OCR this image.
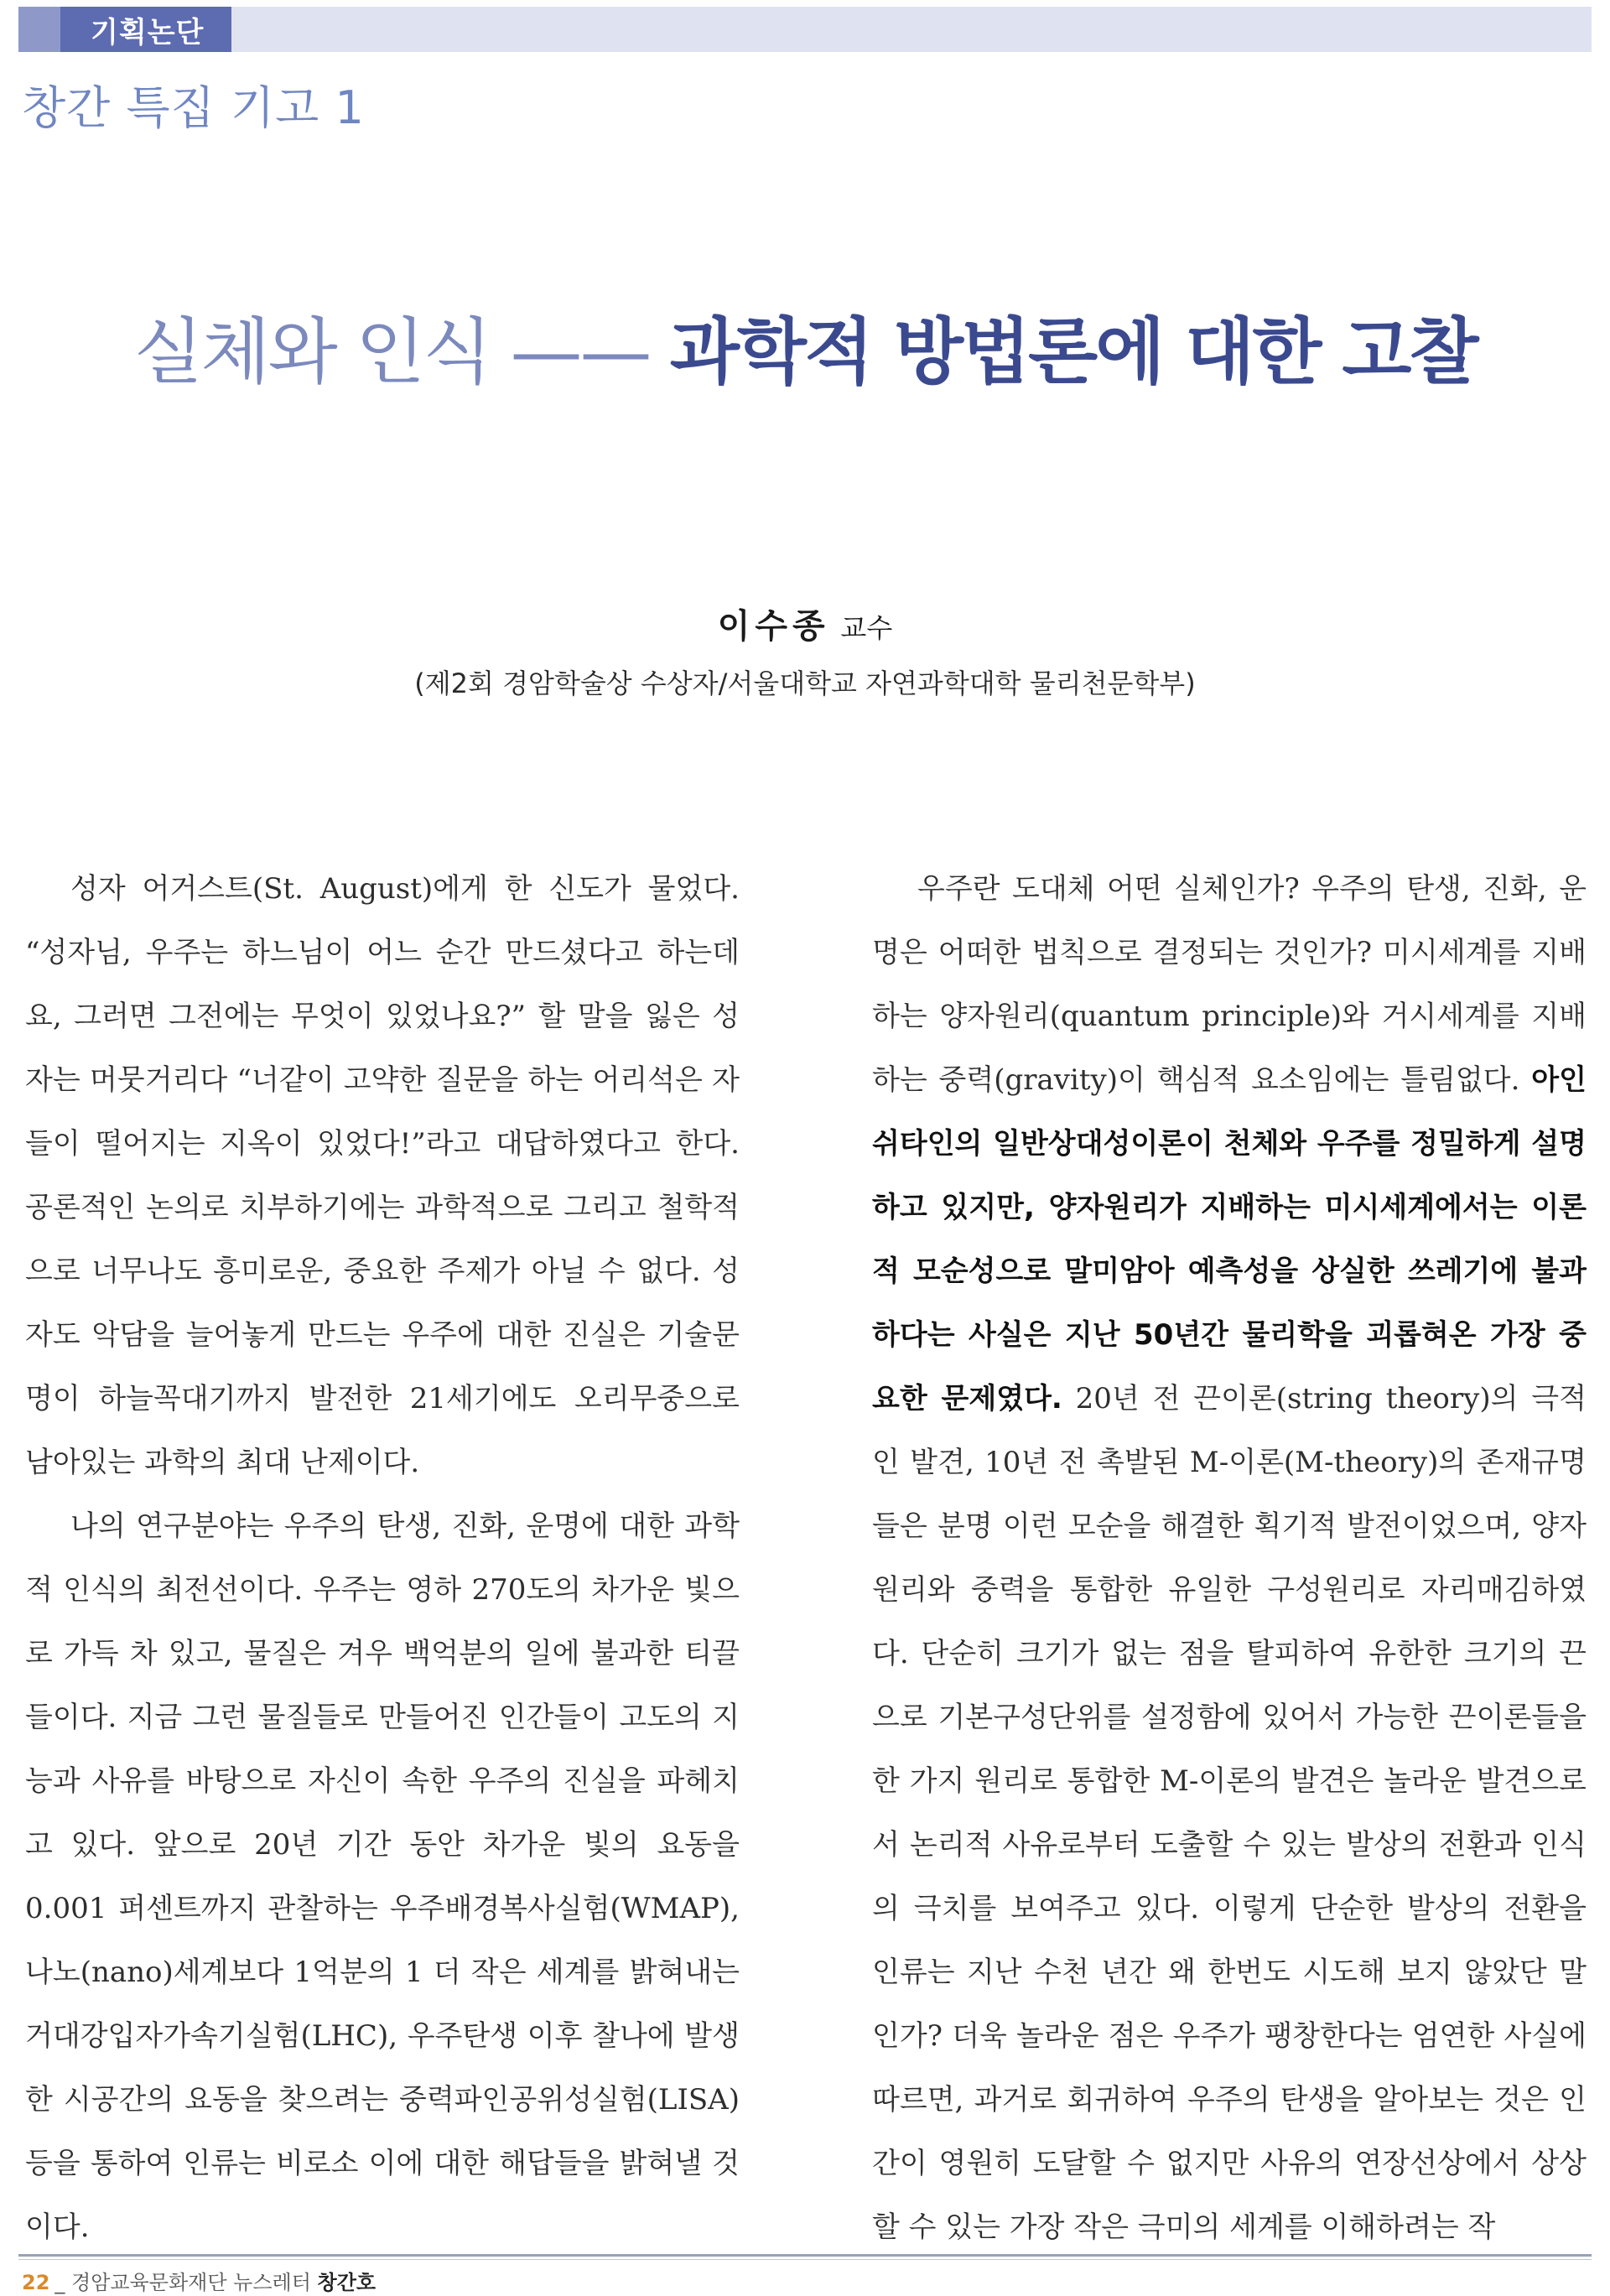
기획논단
창간 특집 기고 1
실체와 인식 —— 과학적 방법론에 대한 고찰
이수종 교수
(제2회 경암학술상 수상자/서울대학교 자연과학대학 물리천문학부)

성자 어거스트(St. August)에게 한 신도가 물었다. “성자님, 우주는 하느님이 어느 순간 만드셨다고 하는데요, 그러면 그전에는 무엇이 있었나요?” 할 말을 잃은 성자는 머뭇거리다 “너같이 고약한 질문을 하는 어리석은 자들이 떨어지는 지옥이 있었다!”라고 대답하였다고 한다. 공론적인 논의로 치부하기에는 과학적으로 그리고 철학적으로 너무나도 흥미로운, 중요한 주제가 아닐 수 없다. 성자도 악담을 늘어놓게 만드는 우주에 대한 진실은 기술문명이 하늘꼭대기까지 발전한 21세기에도 오리무중으로 남아있는 과학의 최대 난제이다.

나의 연구분야는 우주의 탄생, 진화, 운명에 대한 과학적 인식의 최전선이다. 우주는 영하 270도의 차가운 빛으로 가득 차 있고, 물질은 겨우 백억분의 일에 불과한 티끌들이다. 지금 그런 물질들로 만들어진 인간들이 고도의 지능과 사유를 바탕으로 자신이 속한 우주의 진실을 파헤치고 있다. 앞으로 20년 기간 동안 차가운 빛의 요동을 0.001 퍼센트까지 관찰하는 우주배경복사실험(WMAP), 나노(nano)세계보다 1억분의 1 더 작은 세계를 밝혀내는 거대강입자가속기실험(LHC), 우주탄생 이후 찰나에 발생한 시공간의 요동을 찾으려는 중력파인공위성실험(LISA)등을 통하여 인류는 비로소 이에 대한 해답들을 밝혀낼 것이다.

우주란 도대체 어떤 실체인가? 우주의 탄생, 진화, 운명은 어떠한 법칙으로 결정되는 것인가? 미시세계를 지배하는 양자원리(quantum principle)와 거시세계를 지배하는 중력(gravity)이 핵심적 요소임에는 틀림없다. 아인쉬타인의 일반상대성이론이 천체와 우주를 정밀하게 설명하고 있지만, 양자원리가 지배하는 미시세계에서는 이론적 모순성으로 말미암아 예측성을 상실한 쓰레기에 불과하다는 사실은 지난 50년간 물리학을 괴롭혀온 가장 중요한 문제였다. 20년 전 끈이론(string theory)의 극적인 발견, 10년 전 촉발된 M-이론(M-theory)의 존재규명들은 분명 이런 모순을 해결한 획기적 발전이었으며, 양자원리와 중력을 통합한 유일한 구성원리로 자리매김하였다. 단순히 크기가 없는 점을 탈피하여 유한한 크기의 끈으로 기본구성단위를 설정함에 있어서 가능한 끈이론들을 한 가지 원리로 통합한 M-이론의 발견은 놀라운 발견으로서 논리적 사유로부터 도출할 수 있는 발상의 전환과 인식의 극치를 보여주고 있다. 이렇게 단순한 발상의 전환을 인류는 지난 수천 년간 왜 한번도 시도해 보지 않았단 말인가? 더욱 놀라운 점은 우주가 팽창한다는 엄연한 사실에 따르면, 과거로 회귀하여 우주의 탄생을 알아보는 것은 인간이 영원히 도달할 수 없지만 사유의 연장선상에서 상상할 수 있는 가장 작은 극미의 세계를 이해하려는 작

22 _ 경암교육문화재단 뉴스레터 창간호
